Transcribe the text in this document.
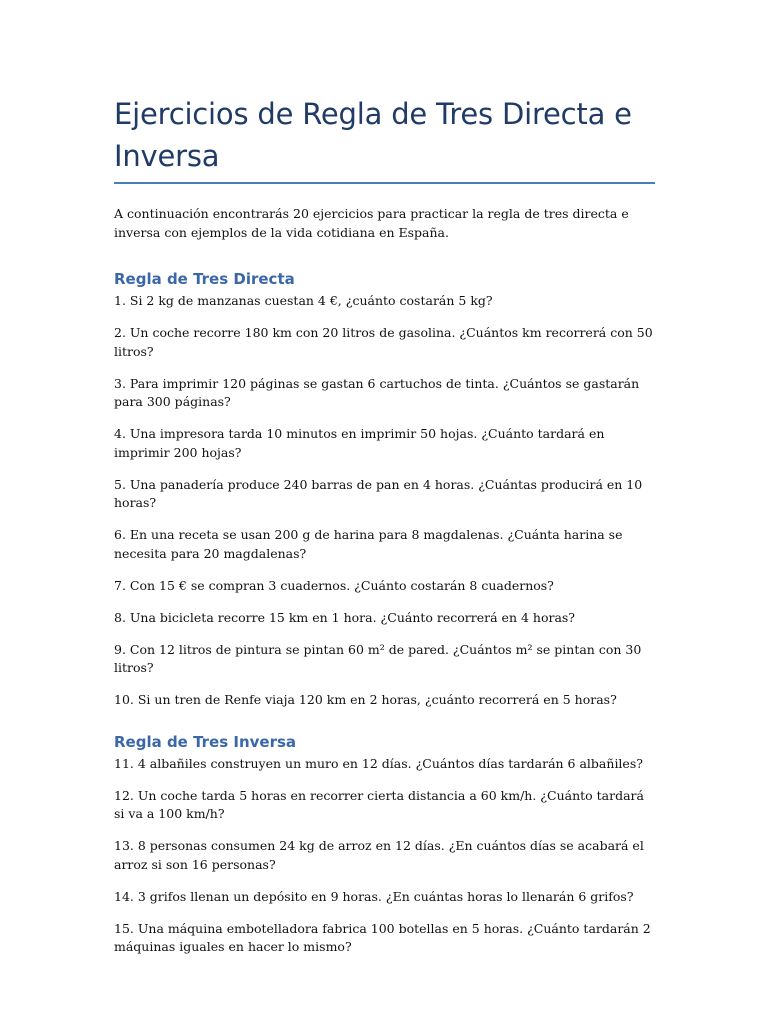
Ejercicios de Regla de Tres Directa e Inversa

A continuación encontrarás 20 ejercicios para practicar la regla de tres directa e inversa con ejemplos de la vida cotidiana en España.

Regla de Tres Directa
1. Si 2 kg de manzanas cuestan 4 €, ¿cuánto costarán 5 kg?
2. Un coche recorre 180 km con 20 litros de gasolina. ¿Cuántos km recorrerá con 50 litros?
3. Para imprimir 120 páginas se gastan 6 cartuchos de tinta. ¿Cuántos se gastarán para 300 páginas?
4. Una impresora tarda 10 minutos en imprimir 50 hojas. ¿Cuánto tardará en imprimir 200 hojas?
5. Una panadería produce 240 barras de pan en 4 horas. ¿Cuántas producirá en 10 horas?
6. En una receta se usan 200 g de harina para 8 magdalenas. ¿Cuánta harina se necesita para 20 magdalenas?
7. Con 15 € se compran 3 cuadernos. ¿Cuánto costarán 8 cuadernos?
8. Una bicicleta recorre 15 km en 1 hora. ¿Cuánto recorrerá en 4 horas?
9. Con 12 litros de pintura se pintan 60 m² de pared. ¿Cuántos m² se pintan con 30 litros?
10. Si un tren de Renfe viaja 120 km en 2 horas, ¿cuánto recorrerá en 5 horas?
Regla de Tres Inversa
11. 4 albañiles construyen un muro en 12 días. ¿Cuántos días tardarán 6 albañiles?
12. Un coche tarda 5 horas en recorrer cierta distancia a 60 km/h. ¿Cuánto tardará si va a 100 km/h?
13. 8 personas consumen 24 kg de arroz en 12 días. ¿En cuántos días se acabará el arroz si son 16 personas?
14. 3 grifos llenan un depósito en 9 horas. ¿En cuántas horas lo llenarán 6 grifos?
15. Una máquina embotelladora fabrica 100 botellas en 5 horas. ¿Cuánto tardarán 2 máquinas iguales en hacer lo mismo?
